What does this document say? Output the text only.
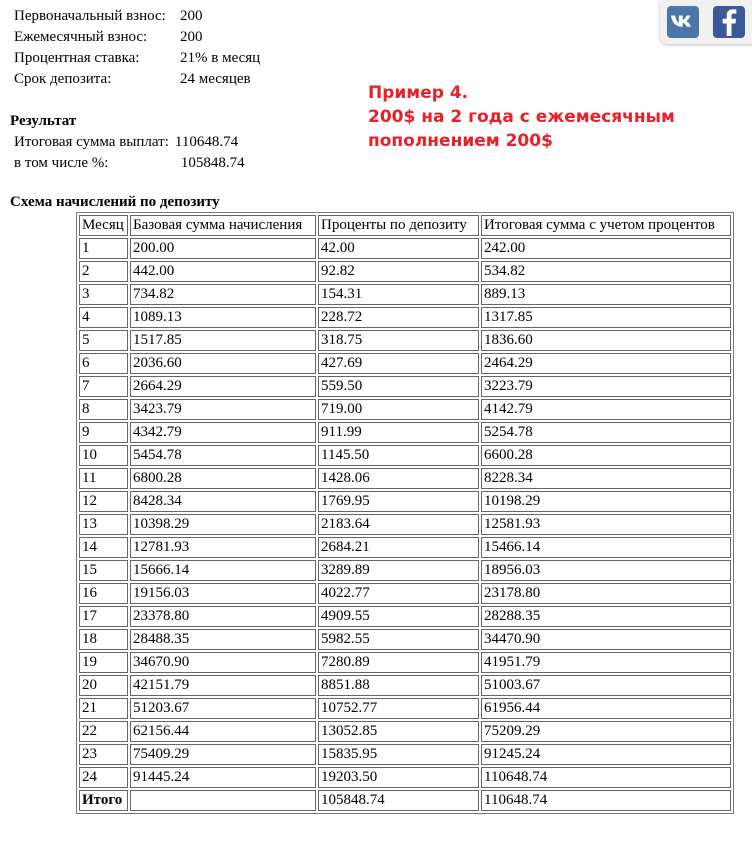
Первоначальный взнос:	200
Ежемесячный взнос:	200
Процентная ставка:	21% в месяц
Срок депозита:	24 месяцев
Результат
Итоговая сумма выплат:	110648.74
в том числе %:	105848.74
Пример 4.
200$ на 2 года с ежемесячным
пополнением 200$
Схема начислений по депозиту
Месяц	Базовая сумма начисления	Проценты по депозиту	Итоговая сумма с учетом процентов
1	200.00	42.00	242.00
2	442.00	92.82	534.82
3	734.82	154.31	889.13
4	1089.13	228.72	1317.85
5	1517.85	318.75	1836.60
6	2036.60	427.69	2464.29
7	2664.29	559.50	3223.79
8	3423.79	719.00	4142.79
9	4342.79	911.99	5254.78
10	5454.78	1145.50	6600.28
11	6800.28	1428.06	8228.34
12	8428.34	1769.95	10198.29
13	10398.29	2183.64	12581.93
14	12781.93	2684.21	15466.14
15	15666.14	3289.89	18956.03
16	19156.03	4022.77	23178.80
17	23378.80	4909.55	28288.35
18	28488.35	5982.55	34470.90
19	34670.90	7280.89	41951.79
20	42151.79	8851.88	51003.67
21	51203.67	10752.77	61956.44
22	62156.44	13052.85	75209.29
23	75409.29	15835.95	91245.24
24	91445.24	19203.50	110648.74
Итого		105848.74	110648.74
